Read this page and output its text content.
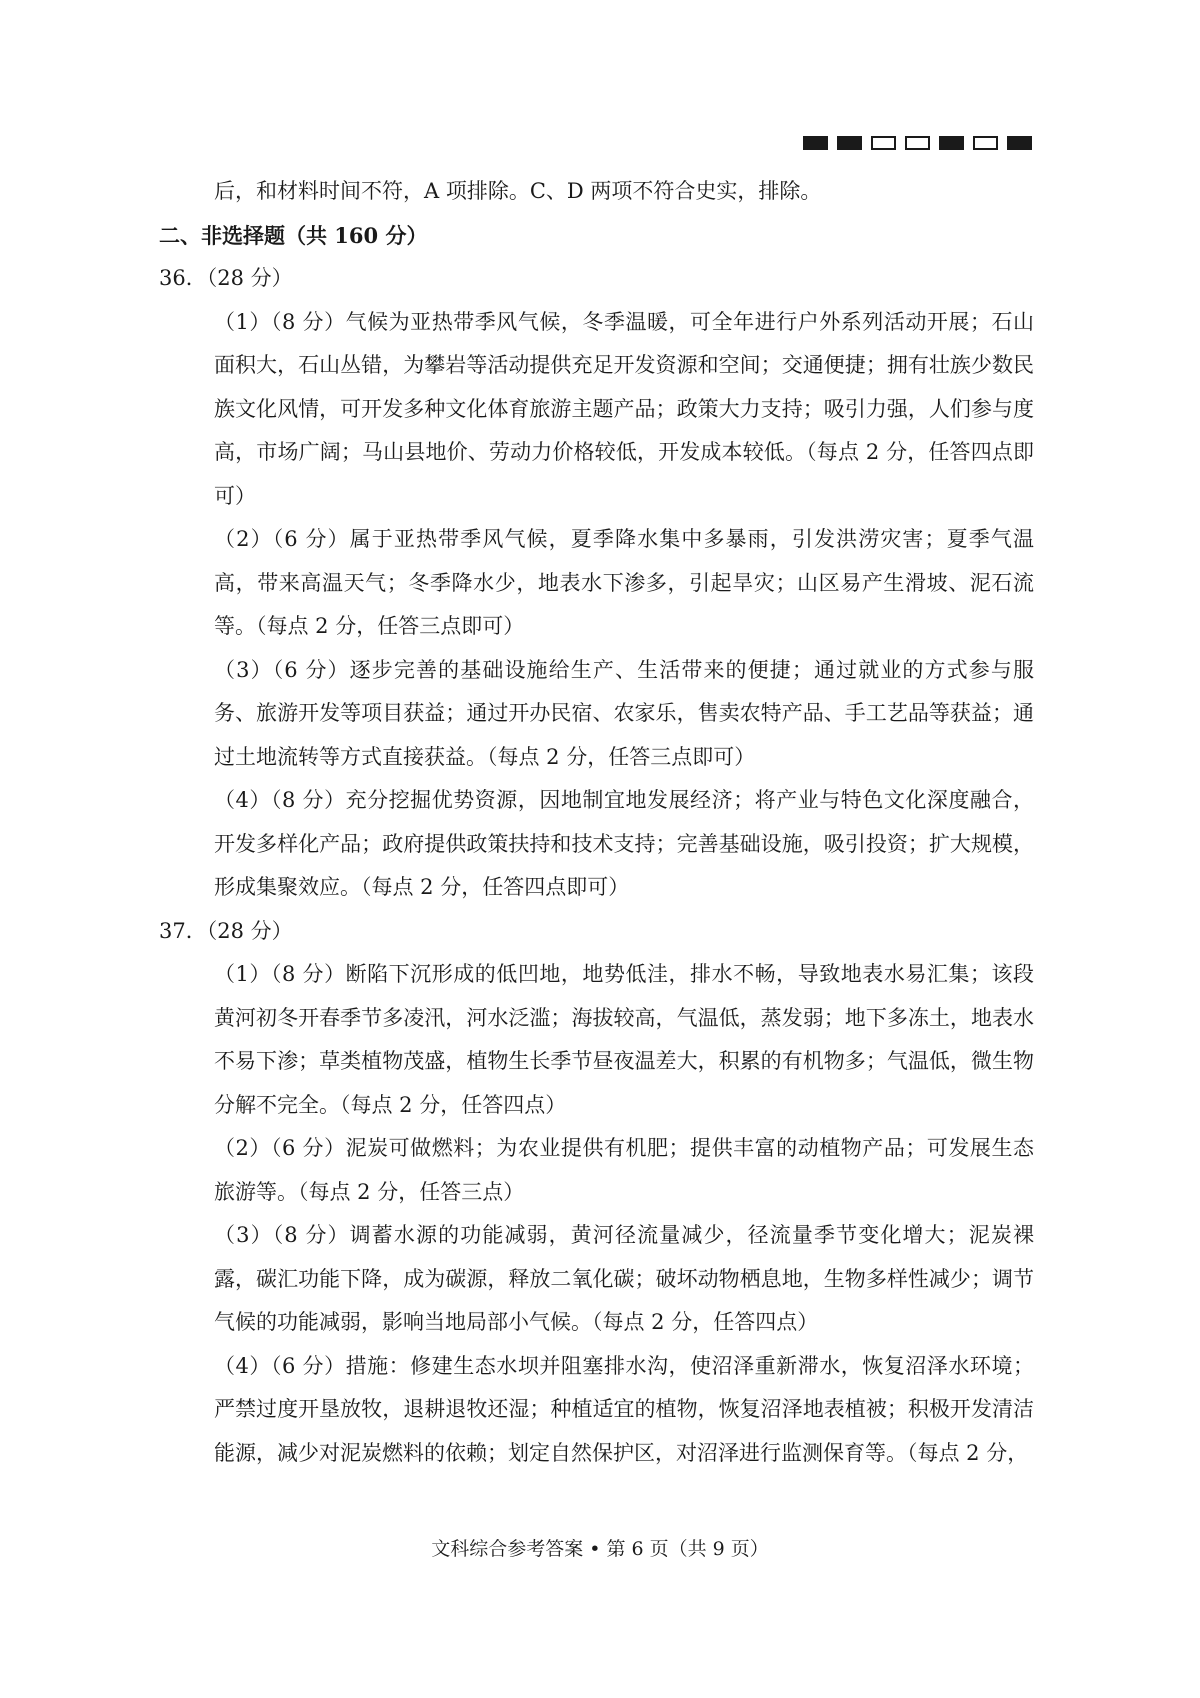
后，和材料时间不符，A 项排除。C、D 两项不符合史实，排除。

二、非选择题（共 160 分）

36．（28 分）

（1）（8 分）气候为亚热带季风气候，冬季温暖，可全年进行户外系列活动开展；石山面积大，石山丛错，为攀岩等活动提供充足开发资源和空间；交通便捷；拥有壮族少数民族文化风情，可开发多种文化体育旅游主题产品；政策大力支持；吸引力强，人们参与度高，市场广阔；马山县地价、劳动力价格较低，开发成本较低。（每点 2 分，任答四点即可）

（2）（6 分）属于亚热带季风气候，夏季降水集中多暴雨，引发洪涝灾害；夏季气温高，带来高温天气；冬季降水少，地表水下渗多，引起旱灾；山区易产生滑坡、泥石流等。（每点 2 分，任答三点即可）

（3）（6 分）逐步完善的基础设施给生产、生活带来的便捷；通过就业的方式参与服务、旅游开发等项目获益；通过开办民宿、农家乐，售卖农特产品、手工艺品等获益；通过土地流转等方式直接获益。（每点 2 分，任答三点即可）

（4）（8 分）充分挖掘优势资源，因地制宜地发展经济；将产业与特色文化深度融合，开发多样化产品；政府提供政策扶持和技术支持；完善基础设施，吸引投资；扩大规模，形成集聚效应。（每点 2 分，任答四点即可）

37．（28 分）

（1）（8 分）断陷下沉形成的低凹地，地势低洼，排水不畅，导致地表水易汇集；该段黄河初冬开春季节多凌汛，河水泛滥；海拔较高，气温低，蒸发弱；地下多冻土，地表水不易下渗；草类植物茂盛，植物生长季节昼夜温差大，积累的有机物多；气温低，微生物分解不完全。（每点 2 分，任答四点）

（2）（6 分）泥炭可做燃料；为农业提供有机肥；提供丰富的动植物产品；可发展生态旅游等。（每点 2 分，任答三点）

（3）（8 分）调蓄水源的功能减弱，黄河径流量减少，径流量季节变化增大；泥炭裸露，碳汇功能下降，成为碳源，释放二氧化碳；破坏动物栖息地，生物多样性减少；调节气候的功能减弱，影响当地局部小气候。（每点 2 分，任答四点）

（4）（6 分）措施：修建生态水坝并阻塞排水沟，使沼泽重新滞水，恢复沼泽水环境；严禁过度开垦放牧，退耕退牧还湿；种植适宜的植物，恢复沼泽地表植被；积极开发清洁能源，减少对泥炭燃料的依赖；划定自然保护区，对沼泽进行监测保育等。（每点 2 分，

文科综合参考答案 • 第 6 页（共 9 页）
